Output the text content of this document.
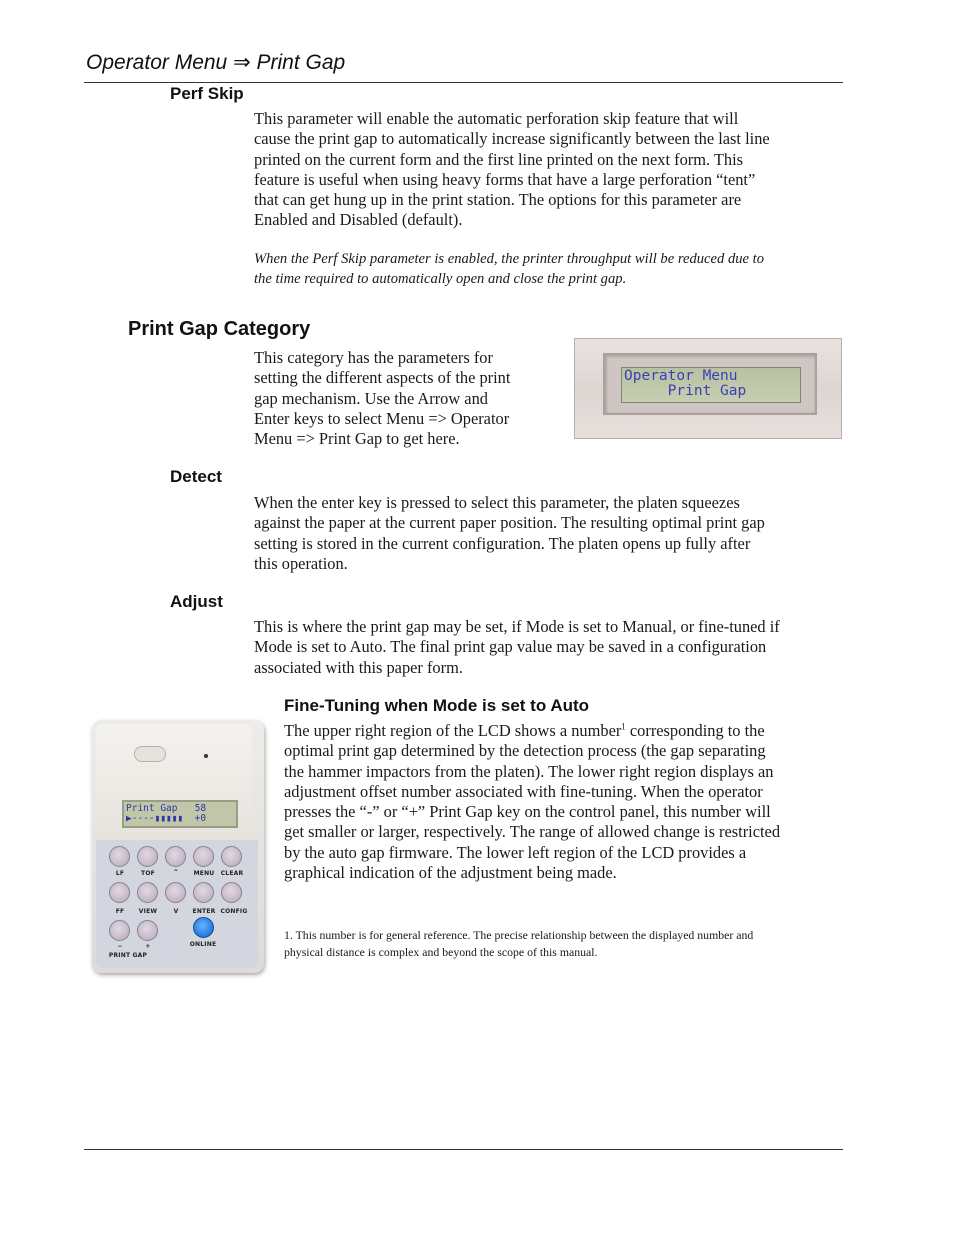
Operator Menu ⇒ Print Gap
Perf Skip

This parameter will enable the automatic perforation skip feature that will

cause the print gap to automatically increase significantly between the last line

printed on the current form and the first line printed on the next form. This

feature is useful when using heavy forms that have a large perforation “tent”

that can get hung up in the print station. The options for this parameter are

Enabled and Disabled (default).

When the Perf Skip parameter is enabled, the printer throughput will be reduced due to

the time required to automatically open and close the print gap.

Print Gap Category

This category has the parameters for

setting the different aspects of the print

gap mechanism. Use the Arrow and

Enter keys to select Menu => Operator

Menu => Print Gap to get here.

Operator Menu
Print Gap
Detect

When the enter key is pressed to select this parameter, the platen squeezes

against the paper at the current paper position. The resulting optimal print gap

setting is stored in the current configuration. The platen opens up fully after

this operation.

Adjust

This is where the print gap may be set, if Mode is set to Manual, or fine-tuned if

Mode is set to Auto. The final print gap value may be saved in a configuration

associated with this paper form.

Fine-Tuning when Mode is set to Auto

The upper right region of the LCD shows a number$^1$ corresponding to the

optimal print gap determined by the detection process (the gap separating

the hammer impactors from the platen). The lower right region displays an

adjustment offset number associated with fine-tuning. When the operator

presses the “-” or “+” Print Gap key on the control panel, this number will

get smaller or larger, respectively. The range of allowed change is restricted

by the auto gap firmware. The lower left region of the LCD provides a

graphical indication of the adjustment being made.

1. This number is for general reference. The precise relationship between the displayed number and

physical distance is complex and beyond the scope of this manual.

Print Gap   58
▶----▮▮▮▮▮  +0
LF	TOF	^	MENU	CLEAR
FF	VIEW	V	ENTER CONFIG
−	+
PRINT GAP
ONLINE
